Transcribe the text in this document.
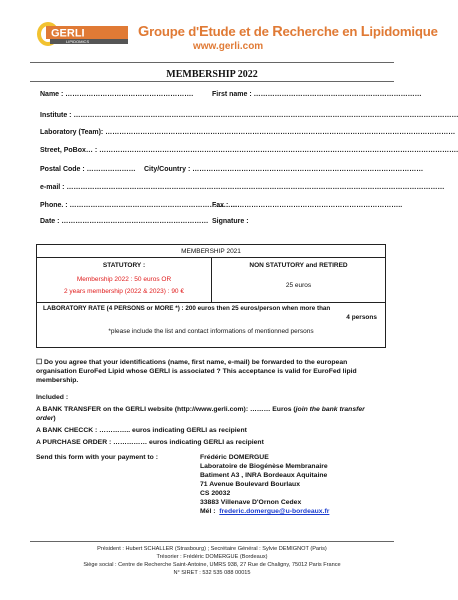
GERLI
LIPIDOMICS
Groupe d'Etude et de Recherche en Lipidomique
www.gerli.com
MEMBERSHIP 2022
Name : ……………………………………………….	First name : ………………………………………………………………
Institute : …………………………………………………………………………………………………………………………………………………
Laboratory (Team): ……………………………………………………………………………………………………………………………………
Street, PoBox… : ……………………………………………………………………………………………………………………………………….
Postal Code : ………………… City/Country : ………………………………………………………………………………………
e-mail : ………………………………………………………………………………………………………………………………………………
Phone. : ……………………………………………………………….
Fax : ………………………………………………………………..
Date : ……………………………………………………… Signature :
MEMBERSHIP 2021
STATUTORY :
Membership 2022 : 50 euros OR
2 years membership (2022 & 2023) : 90 €
NON STATUTORY and RETIRED
25 euros
LABORATORY RATE (4 PERSONS or MORE *) : 200 euros then 25 euros/person when more than
4 persons
*please include the list and contact informations of mentionned persons
☐ Do you agree that your identifications (name, first name, e-mail) be forwarded to the european
organisation EuroFed Lipid whose GERLI is associated ? This acceptance is valid for EuroFed lipid
membership.
Included :
A BANK TRANSFER on the GERLI website (http://www.gerli.com): ……… Euros (join the bank transfer
order)
A BANK CHECCK : ………….. euros indicating GERLI as recipient
A PURCHASE ORDER : …………… euros indicating GERLI as recipient
Send this form with your payment to :	Frédéric DOMERGUE
Laboratoire de Biogénèse Membranaire
Batiment A3 , INRA Bordeaux Aquitaine
71 Avenue Boulevard Bourlaux
CS 20032
33883 Villenave D'Ornon Cedex
Mél : frederic.domergue@u-bordeaux.fr
Président : Hubert SCHALLER (Strasbourg) ; Secrétaire Général : Sylvie DEMIGNOT (Paris)
Trésorier : Frédéric DOMERGUE (Bordeaux)
Siège social : Centre de Recherche Saint-Antoine, UMRS 938, 27 Rue de Chaligny, 75012 Paris France
N° SIRET : 532 535 088 00015
